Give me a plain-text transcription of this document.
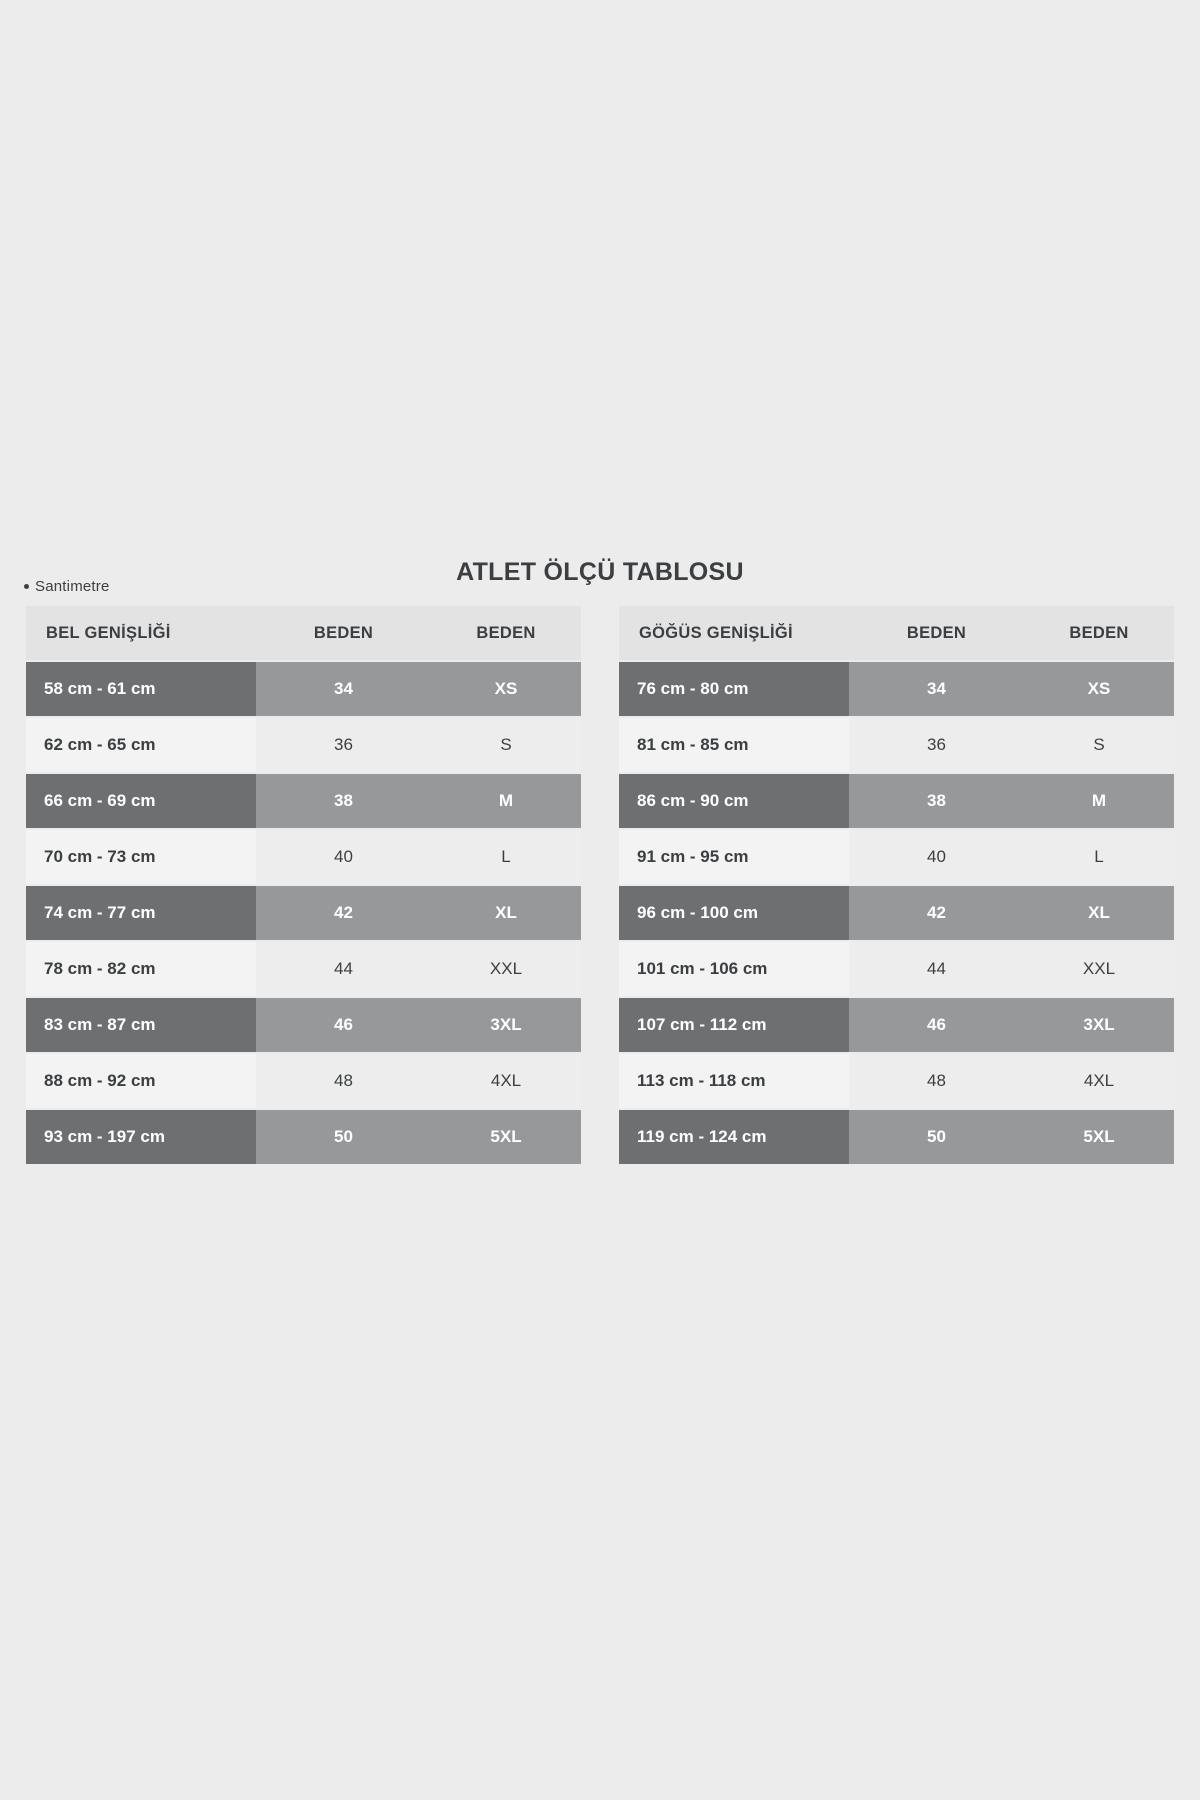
Santimetre
ATLET ÖLÇÜ TABLOSU
BEL GENİŞLİĞİ	BEDEN	BEDEN
58 cm - 61 cm	34	XS
62 cm - 65 cm	36	S
66 cm - 69 cm	38	M
70 cm - 73 cm	40	L
74 cm - 77 cm	42	XL
78 cm - 82 cm	44	XXL
83 cm - 87 cm	46	3XL
88 cm - 92 cm	48	4XL
93 cm - 197 cm	50	5XL
GÖĞÜS GENİŞLİĞİ	BEDEN	BEDEN
76 cm - 80 cm	34	XS
81 cm - 85 cm	36	S
86 cm - 90 cm	38	M
91 cm - 95 cm	40	L
96 cm - 100 cm	42	XL
101 cm - 106 cm	44	XXL
107 cm - 112 cm	46	3XL
113 cm - 118 cm	48	4XL
119 cm - 124 cm	50	5XL
